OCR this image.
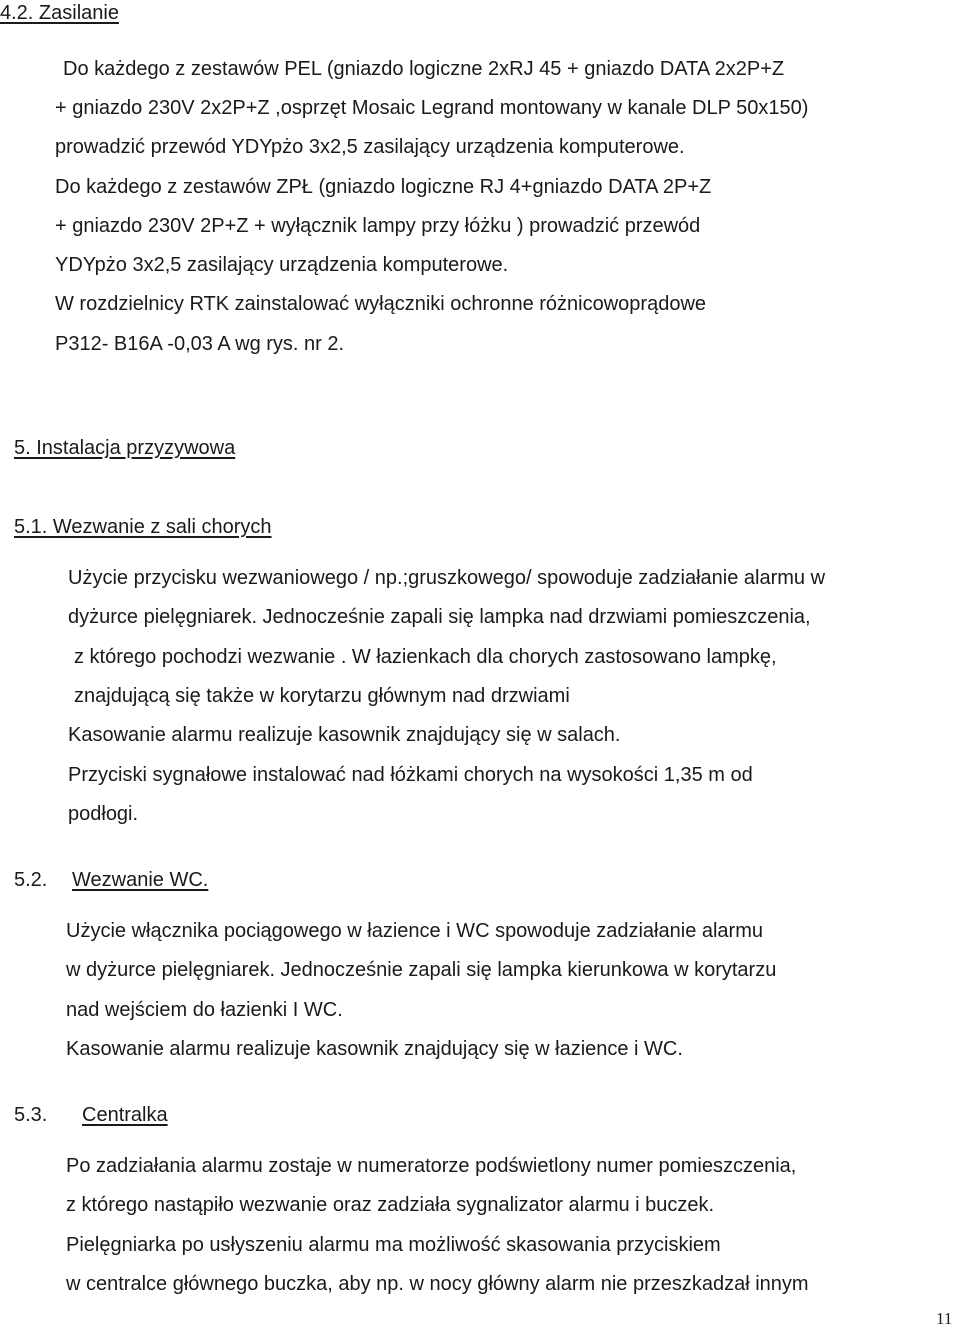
4.2. Zasilanie
Do każdego z zestawów PEL (gniazdo logiczne 2xRJ 45 + gniazdo DATA 2x2P+Z
+ gniazdo 230V 2x2P+Z ,osprzęt Mosaic Legrand montowany w kanale DLP 50x150)
prowadzić przewód YDYpżo 3x2,5 zasilający urządzenia komputerowe.
Do każdego z zestawów ZPŁ (gniazdo logiczne RJ 4+gniazdo DATA 2P+Z
+ gniazdo 230V 2P+Z + wyłącznik lampy przy łóżku ) prowadzić przewód
YDYpżo 3x2,5 zasilający urządzenia komputerowe.
W rozdzielnicy RTK zainstalować wyłączniki ochronne różnicowoprądowe
P312- B16A -0,03 A wg rys. nr 2.
5. Instalacja przyzywowa
5.1. Wezwanie z sali chorych
Użycie przycisku wezwaniowego / np.;gruszkowego/ spowoduje zadziałanie alarmu w
dyżurce pielęgniarek. Jednocześnie zapali się lampka nad drzwiami pomieszczenia,
z którego pochodzi wezwanie . W łazienkach dla chorych zastosowano lampkę,
znajdującą się także w korytarzu głównym nad drzwiami
Kasowanie alarmu realizuje kasownik znajdujący się w salach.
Przyciski sygnałowe instalować nad łóżkami chorych na wysokości 1,35 m od
podłogi.
5.2. Wezwanie WC.
Użycie włącznika pociągowego w łazience i WC spowoduje zadziałanie alarmu
w dyżurce pielęgniarek. Jednocześnie zapali się lampka kierunkowa w korytarzu
nad wejściem do łazienki I WC.
Kasowanie alarmu realizuje kasownik znajdujący się w łazience i WC.
5.3. Centralka
Po zadziałania alarmu zostaje w numeratorze podświetlony numer pomieszczenia,
z którego nastąpiło wezwanie oraz zadziała sygnalizator alarmu i buczek.
Pielęgniarka po usłyszeniu alarmu ma możliwość skasowania przyciskiem
w centralce głównego buczka, aby np. w nocy główny alarm nie przeszkadzał innym
11
